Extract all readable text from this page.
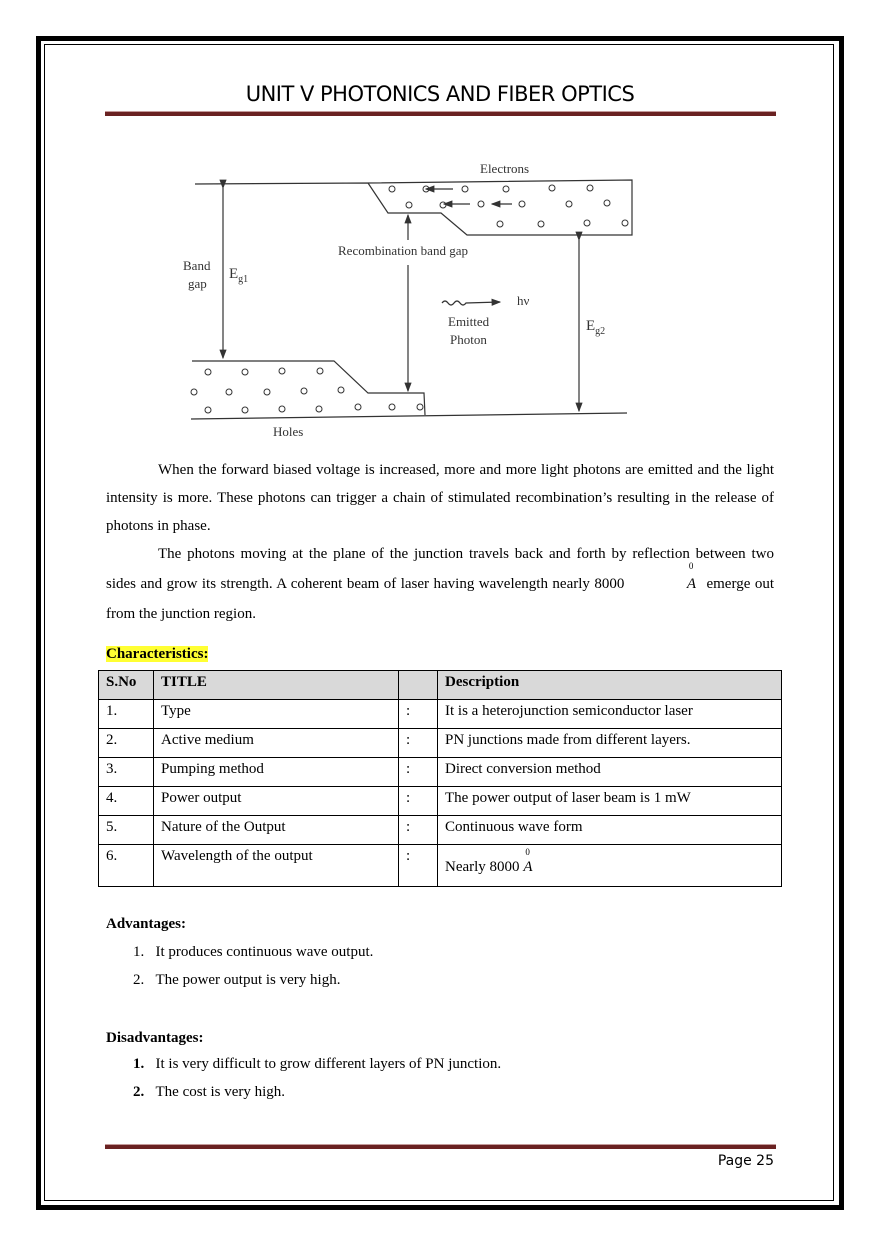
UNIT V PHOTONICS AND FIBER OPTICS
Electrons
Holes
Recombination band gap
Band
gap
$E_{g1}$
$E_{g2}$
hν
Emitted
Photon
When the forward biased voltage is increased, more and more light photons are emitted and the light intensity is more. These photons can trigger a chain of stimulated recombination’s resulting in the release of photons in phase.
The photons moving at the plane of the junction travels back and forth by reflection between two sides and grow its strength. A coherent beam of laser having wavelength nearly 8000
0
A emerge out from the junction region.
Characteristics:
S.No	TITLE		Description
1.	Type	:	It is a heterojunction semiconductor laser
2.	Active medium	:	PN junctions made from different layers.
3.	Pumping method	:	Direct conversion method
4.	Power output	:	The power output of laser beam is 1 mW
5.	Nature of the Output	:	Continuous wave form
6.	Wavelength of the output	:	Nearly 8000
0
A
Advantages:
1.   It produces continuous wave output.
2.   The power output is very high.
Disadvantages:
1. It is very difficult to grow different layers of PN junction.
2. The cost is very high.
Page 25
